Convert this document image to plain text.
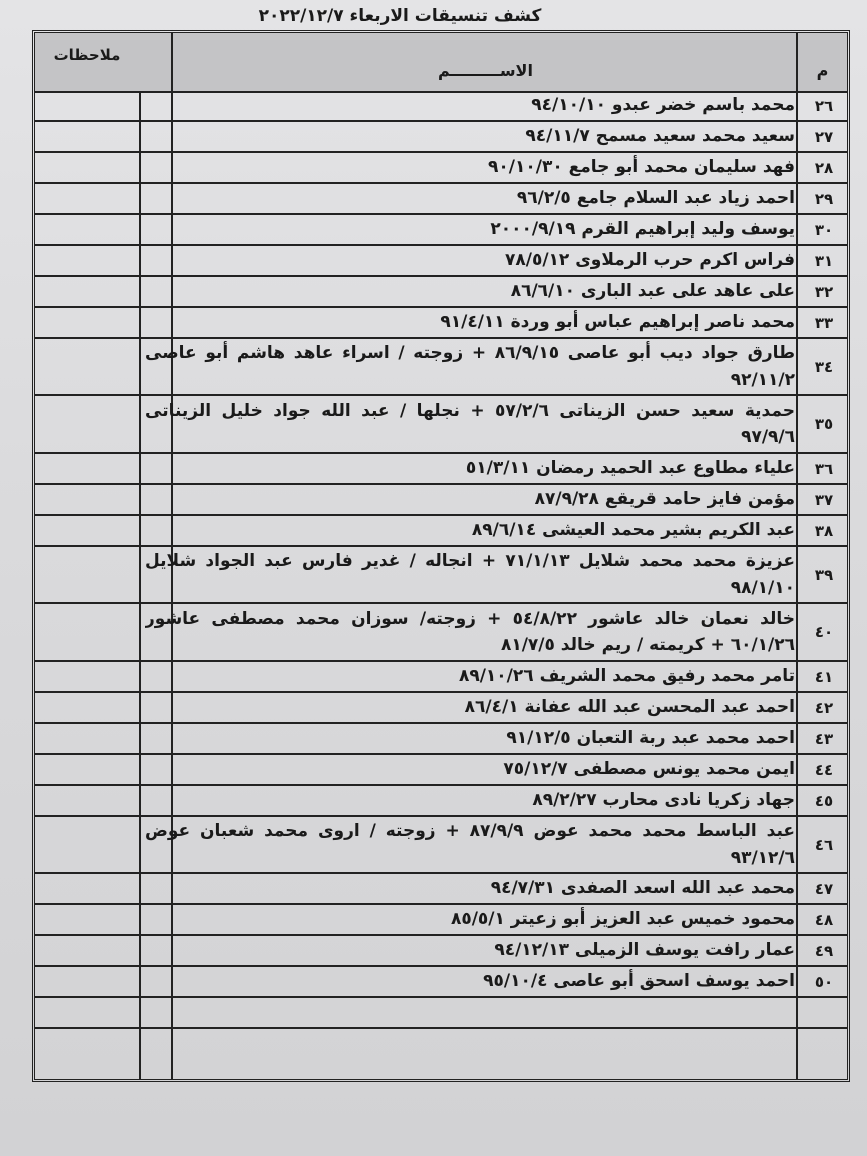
كشف تنسيقات الاربعاء ٢٠٢٢/١٢/٧
م
الاســـــــــم
ملاحظات
٢٦
محمد باسم خضر عبدو ٩٤/١٠/١٠
٢٧
سعيد محمد سعيد مسمح ٩٤/١١/٧
٢٨
فهد سليمان محمد أبو جامع ٩٠/١٠/٣٠
٢٩
احمد زياد عبد السلام جامع ٩٦/٢/٥
٣٠
يوسف وليد إبراهيم القرم ٢٠٠٠/٩/١٩
٣١
فراس اكرم حرب الرملاوى ٧٨/٥/١٢
٣٢
على عاهد على عبد البارى ٨٦/٦/١٠
٣٣
محمد ناصر إبراهيم عباس أبو وردة ٩١/٤/١١
٣٤
طارق جواد ديب أبو عاصى ٨٦/٩/١٥ + زوجته / اسراء عاهد هاشم أبو عاصى ٩٢/١١/٢
٣٥
حمدية سعيد حسن الزيناتى ٥٧/٢/٦ + نجلها / عبد الله جواد خليل الزيناتى ٩٧/٩/٦
٣٦
علياء مطاوع عبد الحميد رمضان ٥١/٣/١١
٣٧
مؤمن فايز حامد قريقع ٨٧/٩/٢٨
٣٨
عبد الكريم بشير محمد العيشى ٨٩/٦/١٤
٣٩
عزيزة محمد محمد شلايل ٧١/١/١٣ + انجاله / غدير فارس عبد الجواد شلايل ٩٨/١/١٠
٤٠
خالد نعمان خالد عاشور ٥٤/٨/٢٢ + زوجته/ سوزان محمد مصطفى عاشور ٦٠/١/٢٦ + كريمته / ريم خالد ٨١/٧/٥
٤١
تامر محمد رفيق محمد الشريف ٨٩/١٠/٢٦
٤٢
احمد عبد المحسن عبد الله عفانة ٨٦/٤/١
٤٣
احمد محمد عبد ربة التعبان ٩١/١٢/٥
٤٤
ايمن محمد يونس مصطفى ٧٥/١٢/٧
٤٥
جهاد زكريا نادى محارب ٨٩/٢/٢٧
٤٦
عبد الباسط محمد محمد عوض ٨٧/٩/٩ + زوجته / اروى محمد شعبان عوض ٩٣/١٢/٦
٤٧
محمد عبد الله اسعد الصفدى ٩٤/٧/٣١
٤٨
محمود خميس عبد العزيز أبو زعيتر ٨٥/٥/١
٤٩
عمار رافت يوسف الزميلى ٩٤/١٢/١٣
٥٠
احمد يوسف اسحق أبو عاصى ٩٥/١٠/٤
